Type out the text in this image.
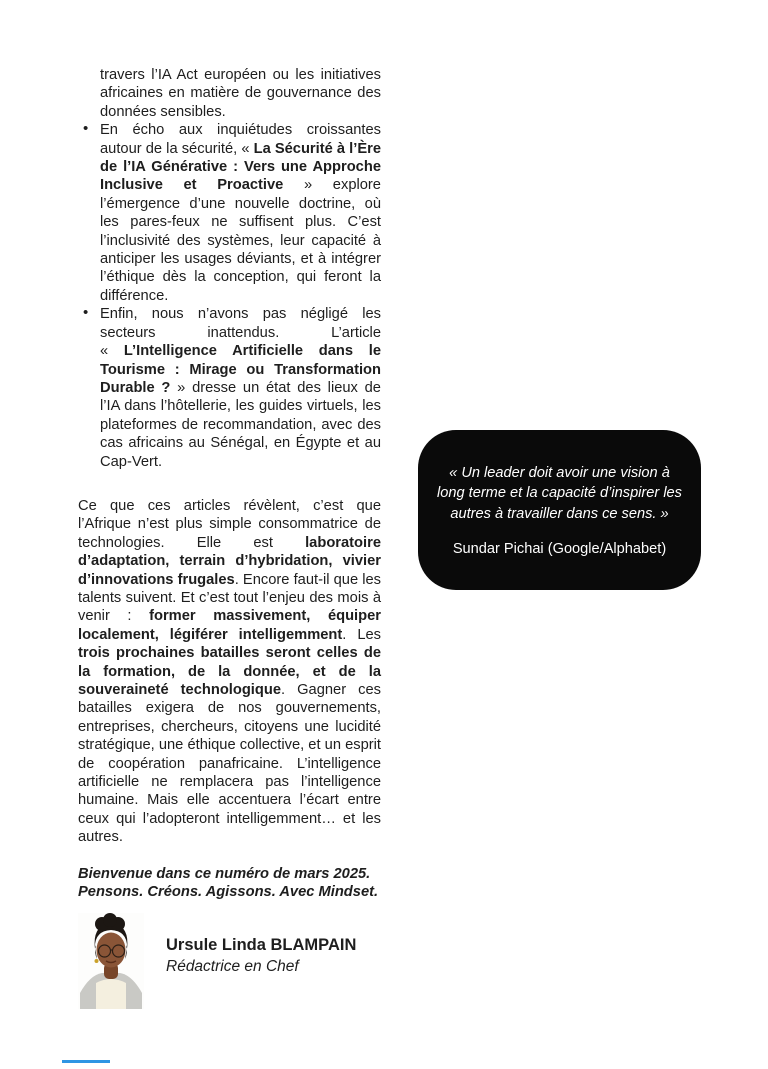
travers l’IA Act européen ou les initiatives africaines en matière de gouvernance des données sensibles.
• En écho aux inquiétudes croissantes autour de la sécurité, « La Sécurité à l’Ère de l’IA Générative : Vers une Approche Inclusive et Proactive » explore l’émergence d’une nouvelle doctrine, où les pares-feux ne suffisent plus. C’est l’inclusivité des systèmes, leur capacité à anticiper les usages déviants, et à intégrer l’éthique dès la conception, qui feront la différence.
• Enfin, nous n’avons pas négligé les secteurs inattendus. L’article « L’Intelligence Artificielle dans le Tourisme : Mirage ou Transformation Durable ? » dresse un état des lieux de l’IA dans l’hôtellerie, les guides virtuels, les plateformes de recommandation, avec des cas africains au Sénégal, en Égypte et au Cap-Vert.

Ce que ces articles révèlent, c’est que l’Afrique n’est plus simple consommatrice de technologies. Elle est laboratoire d’adaptation, terrain d’hybridation, vivier d’innovations frugales. Encore faut-il que les talents suivent. Et c’est tout l’enjeu des mois à venir : former massivement, équiper localement, légiférer intelligemment. Les trois prochaines batailles seront celles de la formation, de la donnée, et de la souveraineté technologique. Gagner ces batailles exigera de nos gouvernements, entreprises, chercheurs, citoyens une lucidité stratégique, une éthique collective, et un esprit de coopération panafricaine. L’intelligence artificielle ne remplacera pas l’intelligence humaine. Mais elle accentuera l’écart entre ceux qui l’adopteront intelligemment… et les autres.

Bienvenue dans ce numéro de mars 2025.
Pensons. Créons. Agissons. Avec Mindset.

Ursule Linda BLAMPAIN
Rédactrice en Chef
« Un leader doit avoir une vision à long terme et la capacité d’inspirer les autres à travailler dans ce sens. »
Sundar Pichai (Google/Alphabet)
